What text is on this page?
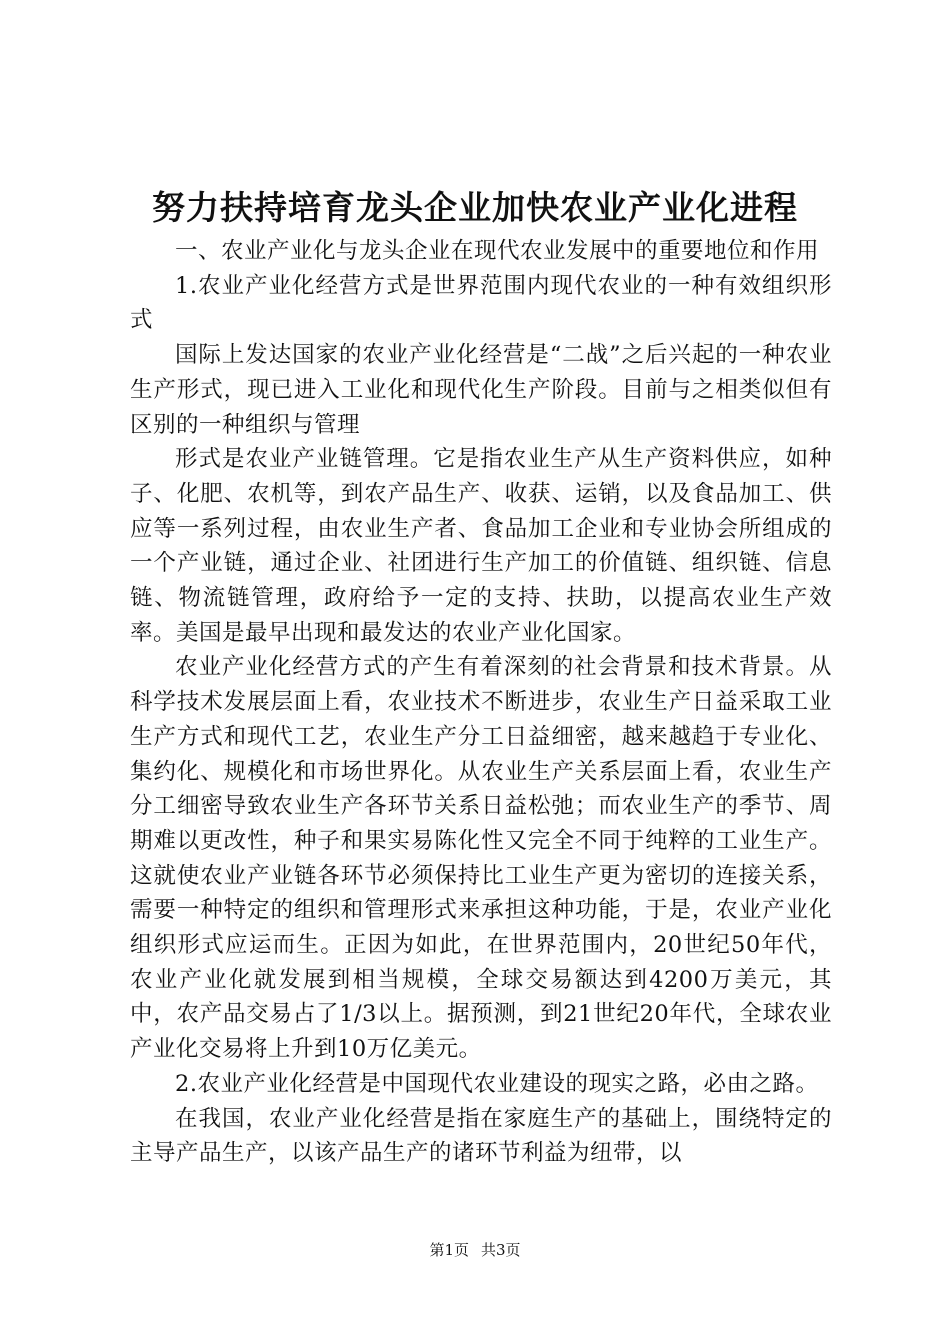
努力扶持培育龙头企业加快农业产业化进程

一、农业产业化与龙头企业在现代农业发展中的重要地位和作用

1.农业产业化经营方式是世界范围内现代农业的一种有效组织形式

国际上发达国家的农业产业化经营是“二战”之后兴起的一种农业生产形式，现已进入工业化和现代化生产阶段。目前与之相类似但有区别的一种组织与管理

形式是农业产业链管理。它是指农业生产从生产资料供应，如种子、化肥、农机等，到农产品生产、收获、运销，以及食品加工、供应等一系列过程，由农业生产者、食品加工企业和专业协会所组成的一个产业链，通过企业、社团进行生产加工的价值链、组织链、信息链、物流链管理，政府给予一定的支持、扶助，以提高农业生产效率。美国是最早出现和最发达的农业产业化国家。

农业产业化经营方式的产生有着深刻的社会背景和技术背景。从科学技术发展层面上看，农业技术不断进步，农业生产日益采取工业生产方式和现代工艺，农业生产分工日益细密，越来越趋于专业化、集约化、规模化和市场世界化。从农业生产关系层面上看，农业生产分工细密导致农业生产各环节关系日益松弛；而农业生产的季节、周期难以更改性，种子和果实易陈化性又完全不同于纯粹的工业生产。这就使农业产业链各环节必须保持比工业生产更为密切的连接关系，需要一种特定的组织和管理形式来承担这种功能，于是，农业产业化组织形式应运而生。正因为如此，在世界范围内，20世纪50年代，农业产业化就发展到相当规模，全球交易额达到4200万美元，其中，农产品交易占了1/3以上。据预测，到21世纪20年代，全球农业产业化交易将上升到10万亿美元。

2.农业产业化经营是中国现代农业建设的现实之路，必由之路。

在我国，农业产业化经营是指在家庭生产的基础上，围绕特定的主导产品生产，以该产品生产的诸环节利益为纽带，以

第1页 共3页
